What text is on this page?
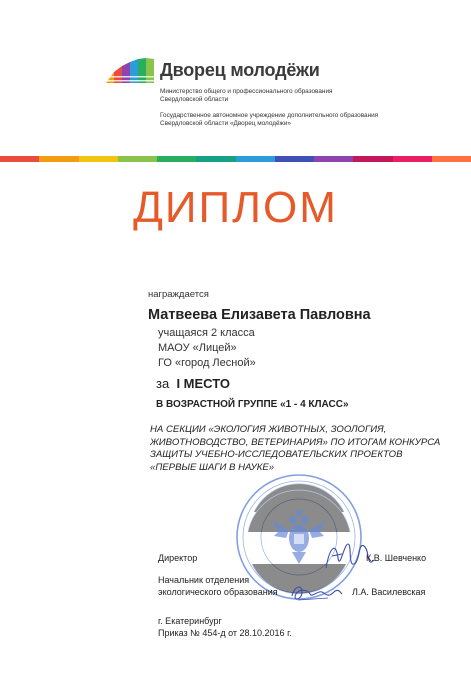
Дворец молодёжи
Министерство общего и профессионального образования Свердловской области
Государственное автономное учреждение дополнительного образования Свердловской области «Дворец молодёжи»
ДИПЛОМ
награждается
Матвеева Елизавета Павловна
учащаяся 2 класса
МАОУ «Лицей»
ГО «город Лесной»
за I МЕСТО
В ВОЗРАСТНОЙ ГРУППЕ «1 - 4 КЛАСС»
НА СЕКЦИИ «ЭКОЛОГИЯ ЖИВОТНЫХ, ЗООЛОГИЯ, ЖИВОТНОВОДСТВО, ВЕТЕРИНАРИЯ» ПО ИТОГАМ КОНКУРСА ЗАЩИТЫ УЧЕБНО-ИССЛЕДОВАТЕЛЬСКИХ ПРОЕКТОВ «ПЕРВЫЕ ШАГИ В НАУКЕ»
Директор	К.В. Шевченко
Начальник отделения
экологического образования	Л.А. Василевская
г. Екатеринбург
Приказ № 454-д от 28.10.2016 г.
